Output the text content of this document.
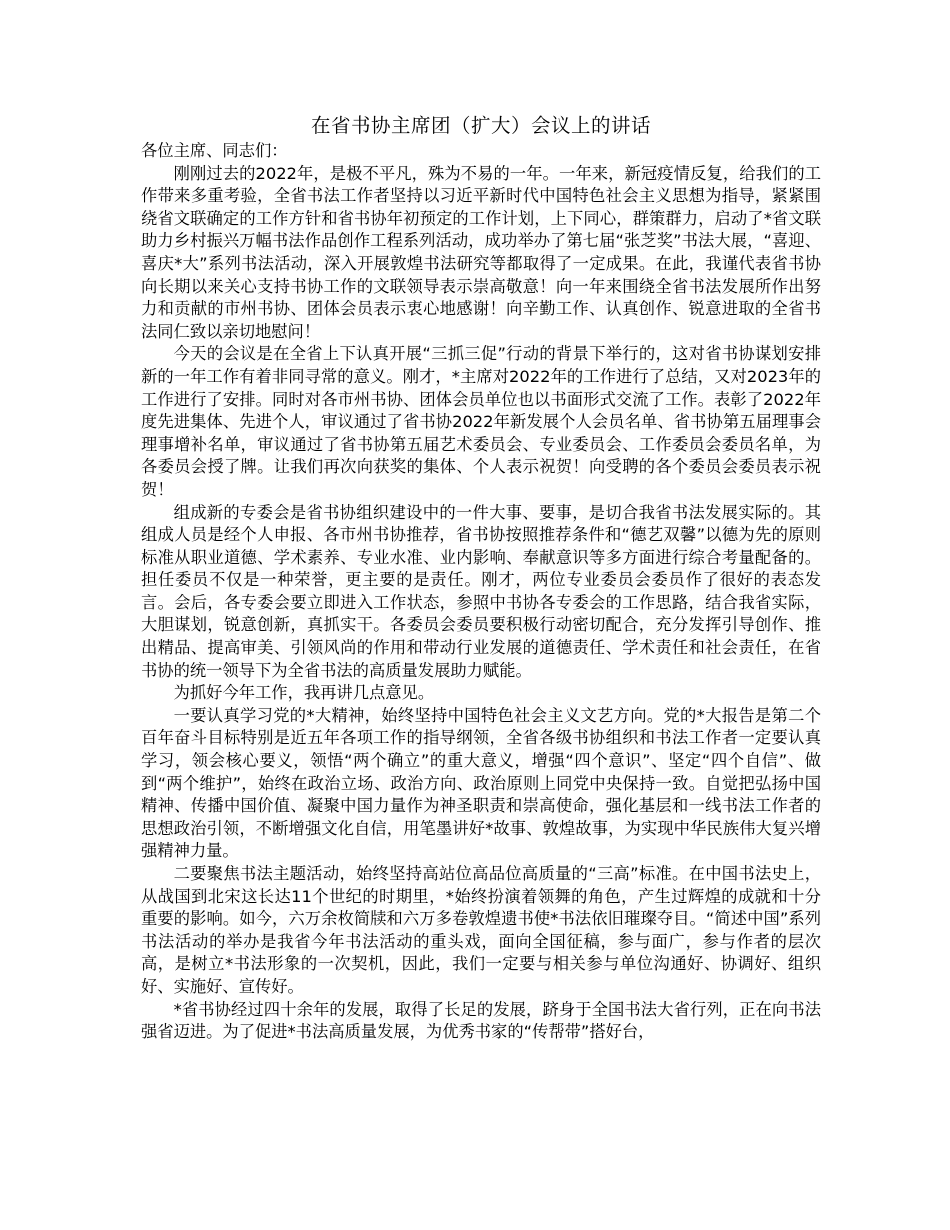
在省书协主席团（扩大）会议上的讲话

各位主席、同志们：

刚刚过去的2022年，是极不平凡，殊为不易的一年。一年来，新冠疫情反复，给我们的工作带来多重考验，全省书法工作者坚持以习近平新时代中国特色社会主义思想为指导，紧紧围绕省文联确定的工作方针和省书协年初预定的工作计划，上下同心，群策群力，启动了*省文联助力乡村振兴万幅书法作品创作工程系列活动，成功举办了第七届“张芝奖”书法大展，“喜迎、喜庆*大”系列书法活动，深入开展敦煌书法研究等都取得了一定成果。在此，我谨代表省书协向长期以来关心支持书协工作的文联领导表示崇高敬意！向一年来围绕全省书法发展所作出努力和贡献的市州书协、团体会员表示衷心地感谢！向辛勤工作、认真创作、锐意进取的全省书法同仁致以亲切地慰问！

今天的会议是在全省上下认真开展“三抓三促”行动的背景下举行的，这对省书协谋划安排新的一年工作有着非同寻常的意义。刚才，*主席对2022年的工作进行了总结，又对2023年的工作进行了安排。同时对各市州书协、团体会员单位也以书面形式交流了工作。表彰了2022年度先进集体、先进个人，审议通过了省书协2022年新发展个人会员名单、省书协第五届理事会理事增补名单，审议通过了省书协第五届艺术委员会、专业委员会、工作委员会委员名单，为各委员会授了牌。让我们再次向获奖的集体、个人表示祝贺！向受聘的各个委员会委员表示祝贺！

组成新的专委会是省书协组织建设中的一件大事、要事，是切合我省书法发展实际的。其组成人员是经个人申报、各市州书协推荐，省书协按照推荐条件和“德艺双馨”以德为先的原则标准从职业道德、学术素养、专业水准、业内影响、奉献意识等多方面进行综合考量配备的。担任委员不仅是一种荣誉，更主要的是责任。刚才，两位专业委员会委员作了很好的表态发言。会后，各专委会要立即进入工作状态，参照中书协各专委会的工作思路，结合我省实际，大胆谋划，锐意创新，真抓实干。各委员会委员要积极行动密切配合，充分发挥引导创作、推出精品、提高审美、引领风尚的作用和带动行业发展的道德责任、学术责任和社会责任，在省书协的统一领导下为全省书法的高质量发展助力赋能。

为抓好今年工作，我再讲几点意见。

一要认真学习党的*大精神，始终坚持中国特色社会主义文艺方向。党的*大报告是第二个百年奋斗目标特别是近五年各项工作的指导纲领，全省各级书协组织和书法工作者一定要认真学习，领会核心要义，领悟“两个确立”的重大意义，增强“四个意识”、坚定“四个自信”、做到“两个维护”，始终在政治立场、政治方向、政治原则上同党中央保持一致。自觉把弘扬中国精神、传播中国价值、凝聚中国力量作为神圣职责和崇高使命，强化基层和一线书法工作者的思想政治引领，不断增强文化自信，用笔墨讲好*故事、敦煌故事，为实现中华民族伟大复兴增强精神力量。

二要聚焦书法主题活动，始终坚持高站位高品位高质量的“三高”标准。在中国书法史上，从战国到北宋这长达11个世纪的时期里，*始终扮演着领舞的角色，产生过辉煌的成就和十分重要的影响。如今，六万余枚简牍和六万多卷敦煌遗书使*书法依旧璀璨夺目。“简述中国”系列书法活动的举办是我省今年书法活动的重头戏，面向全国征稿，参与面广，参与作者的层次高，是树立*书法形象的一次契机，因此，我们一定要与相关参与单位沟通好、协调好、组织好、实施好、宣传好。

*省书协经过四十余年的发展，取得了长足的发展，跻身于全国书法大省行列，正在向书法强省迈进。为了促进*书法高质量发展，为优秀书家的“传帮带”搭好台，
